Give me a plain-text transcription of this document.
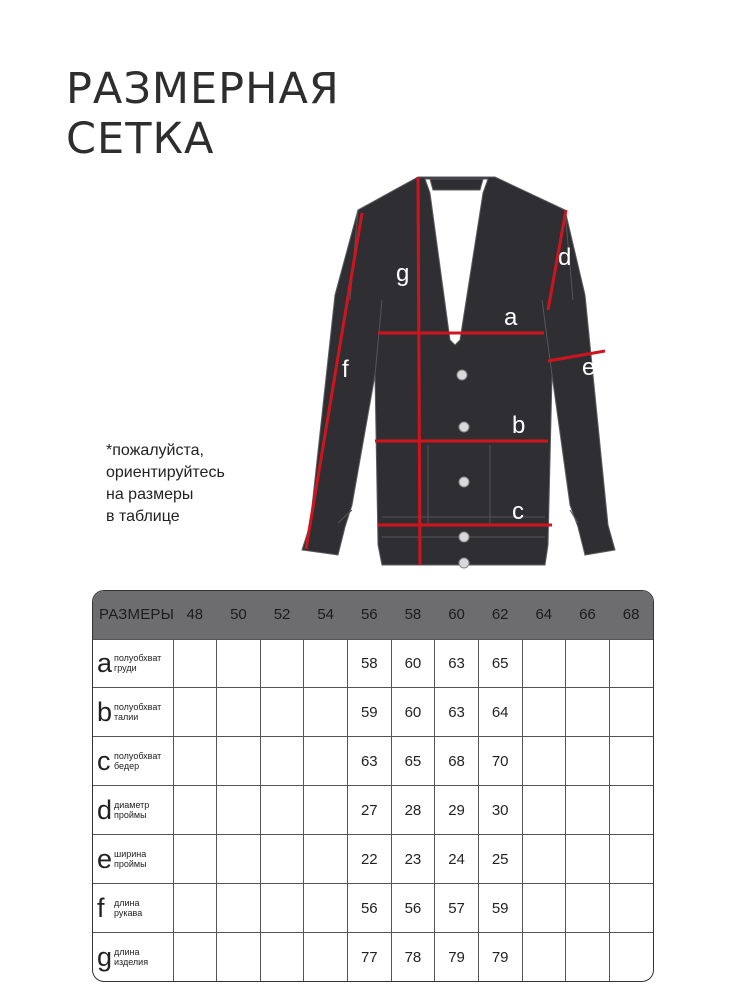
РАЗМЕРНАЯ
СЕТКА
a
b
c
d
e
f
g
*пожалуйста,
ориентируйтесь
на размеры
в таблице
РАЗМЕРЫ	48	50	52	54	56	58	60	62	64	66	68
a полуобхват
груди					58	60	63	65			
b полуобхват
талии					59	60	63	64			
c полуобхват
бедер					63	65	68	70			
d диаметр
проймы					27	28	29	30			
e ширина
проймы					22	23	24	25			
f длина
рукава					56	56	57	59			
g длина
изделия					77	78	79	79			
